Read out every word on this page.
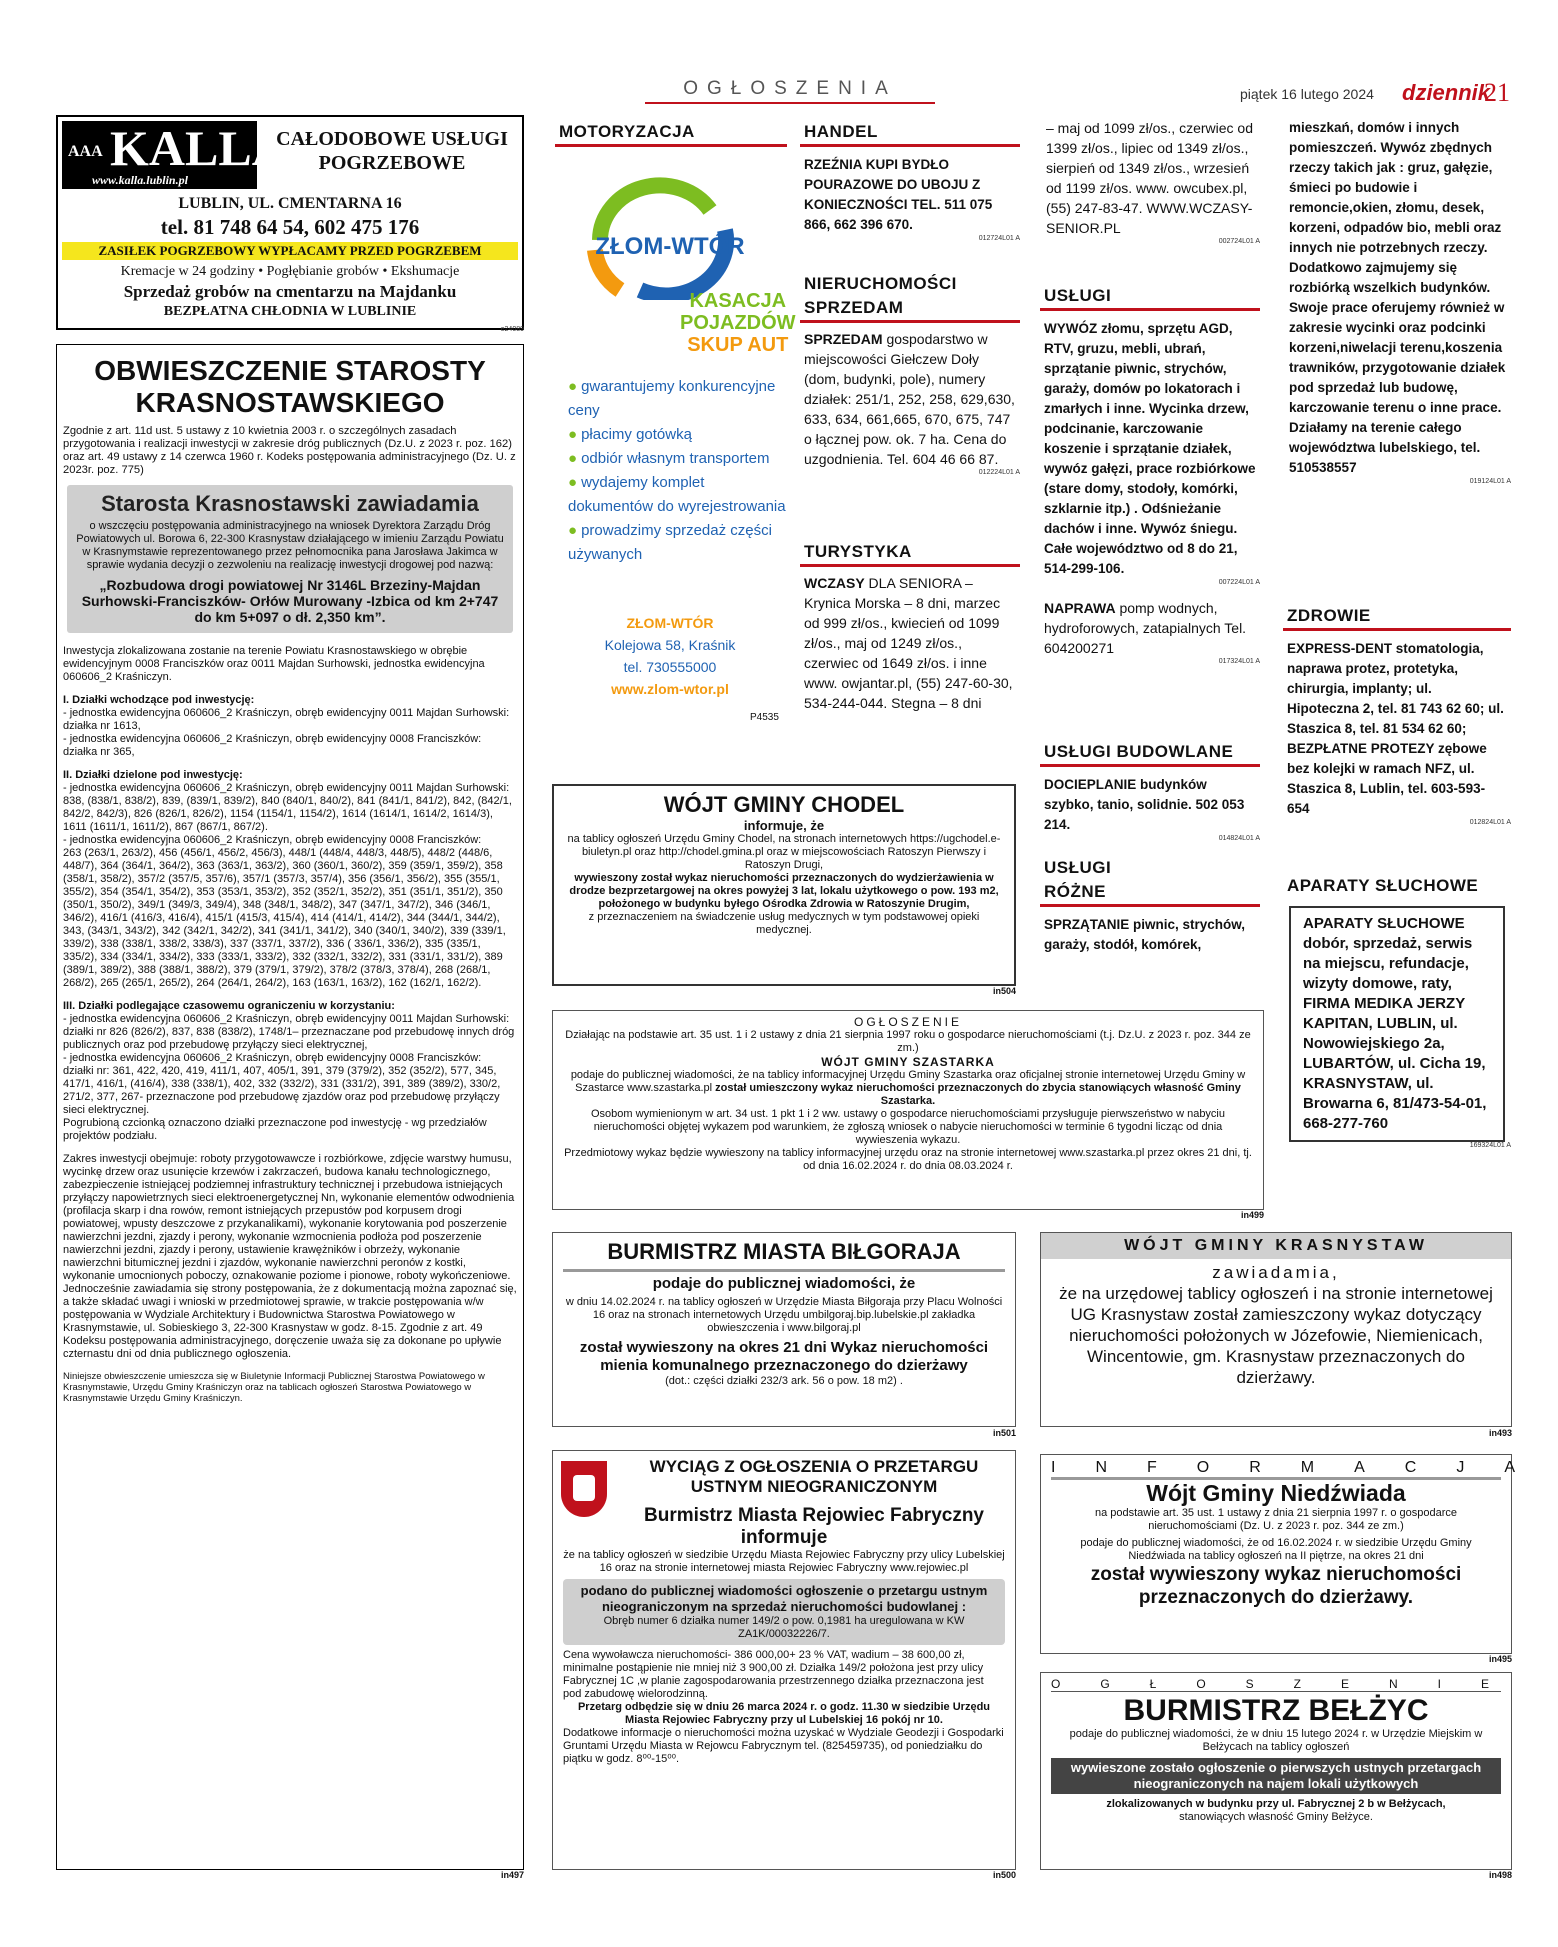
OGŁOSZENIA	piątek 16 lutego 2024 dziennik
21
AAA KALLA
www.kalla.lublin.pl
CAŁODOBOWE USŁUGI
POGRZEBOWE
LUBLIN, UL. CMENTARNA 16
tel. 81 748 64 54, 602 475 176
ZASIŁEK POGRZEBOWY WYPŁACAMY PRZED POGRZEBEM
Kremacje w 24 godziny • Pogłębianie grobów • Ekshumacje
Sprzedaż grobów na cmentarzu na Majdanku
BEZPŁATNA CHŁODNIA W LUBLINIE
e24089
OBWIESZCZENIE STAROSTY
KRASNOSTAWSKIEGO

Zgodnie z art. 11d ust. 5 ustawy z 10 kwietnia 2003 r. o szczególnych zasadach przygotowania i realizacji inwestycji w zakresie dróg publicznych (Dz.U. z 2023 r. poz. 162) oraz art. 49 ustawy z 14 czerwca 1960 r. Kodeks postępowania administracyjnego (Dz. U. z 2023r. poz. 775)

Starosta Krasnostawski zawiadamia

o wszczęciu postępowania administracyjnego na wniosek Dyrektora Zarządu Dróg Powiatowych ul. Borowa 6, 22-300 Krasnystaw działającego w imieniu Zarządu Powiatu w Krasnymstawie reprezentowanego przez pełnomocnika pana Jarosława Jakimca w sprawie wydania decyzji o zezwoleniu na realizację inwestycji drogowej pod nazwą:

„Rozbudowa drogi powiatowej Nr 3146L Brzeziny-Majdan Surhowski-Franciszków- Orłów Murowany -Izbica od km 2+747 do km 5+097 o dł. 2,350 km”.

Inwestycja zlokalizowana zostanie na terenie Powiatu Krasnostawskiego w obrębie ewidencyjnym 0008 Franciszków oraz 0011 Majdan Surhowski, jednostka ewidencyjna 060606_2 Kraśniczyn.

I. Działki wchodzące pod inwestycję:

- jednostka ewidencyjna 060606_2 Kraśniczyn, obręb ewidencyjny 0011 Majdan Surhowski:
działka nr 1613,
- jednostka ewidencyjna 060606_2 Kraśniczyn, obręb ewidencyjny 0008 Franciszków:
działka nr 365,

II. Działki dzielone pod inwestycję:

- jednostka ewidencyjna 060606_2 Kraśniczyn, obręb ewidencyjny 0011 Majdan Surhowski:
838, (838/1, 838/2), 839, (839/1, 839/2), 840 (840/1, 840/2), 841 (841/1, 841/2), 842, (842/1, 842/2, 842/3), 826 (826/1, 826/2), 1154 (1154/1, 1154/2), 1614 (1614/1, 1614/2, 1614/3), 1611 (1611/1, 1611/2), 867 (867/1, 867/2).
- jednostka ewidencyjna 060606_2 Kraśniczyn, obręb ewidencyjny 0008 Franciszków:
263 (263/1, 263/2), 456 (456/1, 456/2, 456/3), 448/1 (448/4, 448/3, 448/5), 448/2 (448/6, 448/7), 364 (364/1, 364/2), 363 (363/1, 363/2), 360 (360/1, 360/2), 359 (359/1, 359/2), 358 (358/1, 358/2), 357/2 (357/5, 357/6), 357/1 (357/3, 357/4), 356 (356/1, 356/2), 355 (355/1, 355/2), 354 (354/1, 354/2), 353 (353/1, 353/2), 352 (352/1, 352/2), 351 (351/1, 351/2), 350 (350/1, 350/2), 349/1 (349/3, 349/4), 348 (348/1, 348/2), 347 (347/1, 347/2), 346 (346/1, 346/2), 416/1 (416/3, 416/4), 415/1 (415/3, 415/4), 414 (414/1, 414/2), 344 (344/1, 344/2), 343, (343/1, 343/2), 342 (342/1, 342/2), 341 (341/1, 341/2), 340 (340/1, 340/2), 339 (339/1, 339/2), 338 (338/1, 338/2, 338/3), 337 (337/1, 337/2), 336 ( 336/1, 336/2), 335 (335/1, 335/2), 334 (334/1, 334/2), 333 (333/1, 333/2), 332 (332/1, 332/2), 331 (331/1, 331/2), 389 (389/1, 389/2), 388 (388/1, 388/2), 379 (379/1, 379/2), 378/2 (378/3, 378/4), 268 (268/1, 268/2), 265 (265/1, 265/2), 264 (264/1, 264/2), 163 (163/1, 163/2), 162 (162/1, 162/2).

III. Działki podlegające czasowemu ograniczeniu w korzystaniu:

- jednostka ewidencyjna 060606_2 Kraśniczyn, obręb ewidencyjny 0011 Majdan Surhowski:
działki nr 826 (826/2), 837, 838 (838/2), 1748/1– przeznaczane pod przebudowę innych dróg publicznych oraz pod przebudowę przyłączy sieci elektrycznej,
- jednostka ewidencyjna 060606_2 Kraśniczyn, obręb ewidencyjny 0008 Franciszków:
działki nr: 361, 422, 420, 419, 411/1, 407, 405/1, 391, 379 (379/2), 352 (352/2), 577, 345, 417/1, 416/1, (416/4), 338 (338/1), 402, 332 (332/2), 331 (331/2), 391, 389 (389/2), 330/2, 271/2, 377, 267- przeznaczone pod przebudowę zjazdów oraz pod przebudowę przyłączy sieci elektrycznej.
Pogrubioną czcionką oznaczono działki przeznaczone pod inwestycję - wg przedziałów projektów podziału.

Zakres inwestycji obejmuje: roboty przygotowawcze i rozbiórkowe, zdjęcie warstwy humusu, wycinkę drzew oraz usunięcie krzewów i zakrzaczeń, budowa kanału technologicznego, zabezpieczenie istniejącej podziemnej infrastruktury technicznej i przebudowa istniejących przyłączy napowietrznych sieci elektroenergetycznej Nn, wykonanie elementów odwodnienia (profilacja skarp i dna rowów, remont istniejących przepustów pod korpusem drogi powiatowej, wpusty deszczowe z przykanalikami), wykonanie korytowania pod poszerzenie nawierzchni jezdni, zjazdy i perony, wykonanie wzmocnienia podłoża pod poszerzenie nawierzchni jezdni, zjazdy i perony, ustawienie krawężników i obrzeży, wykonanie nawierzchni bitumicznej jezdni i zjazdów, wykonanie nawierzchni peronów z kostki, wykonanie umocnionych poboczy, oznakowanie poziome i pionowe, roboty wykończeniowe.
Jednocześnie zawiadamia się strony postępowania, że z dokumentacją można zapoznać się, a także składać uwagi i wnioski w przedmiotowej sprawie, w trakcie postępowania w/w postępowania w Wydziale Architektury i Budownictwa Starostwa Powiatowego w Krasnymstawie, ul. Sobieskiego 3, 22-300 Krasnystaw w godz. 8-15. Zgodnie z art. 49 Kodeksu postępowania administracyjnego, doręczenie uważa się za dokonane po upływie czternastu dni od dnia publicznego ogłoszenia.

Niniejsze obwieszczenie umieszcza się w Biuletynie Informacji Publicznej Starostwa Powiatowego w Krasnymstawie, Urzędu Gminy Kraśniczyn oraz na tablicach ogłoszeń Starostwa Powiatowego w Krasnymstawie Urzędu Gminy Kraśniczyn.

in497
MOTORYZACJA
ZŁOM-WTÓR
KASACJA
POJAZDÓW
SKUP AUT
● gwarantujemy konkurencyjne ceny
● płacimy gotówką
● odbiór własnym transportem
● wydajemy komplet dokumentów do wyrejestrowania
● prowadzimy sprzedaż części używanych
ZŁOM-WTÓR
Kolejowa 58, Kraśnik
tel. 730555000
www.zlom-wtor.pl
P4535
HANDEL

RZEŹNIA KUPI BYDŁO POURAZOWE DO UBOJU Z KONIECZNOŚCI TEL. 511 075 866, 662 396 670.

012724L01 A
NIERUCHOMOŚCI
SPRZEDAM

SPRZEDAM gospodarstwo w miejscowości Giełczew Doły (dom, budynki, pole), numery działek: 251/1, 252, 258, 629,630, 633, 634, 661,665, 670, 675, 747 o łącznej pow. ok. 7 ha. Cena do uzgodnienia. Tel. 604 46 66 87.

012224L01 A
TURYSTYKA

WCZASY DLA SENIORA – Krynica Morska – 8 dni, marzec od 999 zł/os., kwiecień od 1099 zł/os., maj od 1249 zł/os., czerwiec od 1649 zł/os. i inne www. owjantar.pl, (55) 247-60-30, 534-244-044. Stegna – 8 dni

– maj od 1099 zł/os., czerwiec od 1399 zł/os., lipiec od 1349 zł/os., sierpień od 1349 zł/os., wrzesień od 1199 zł/os. www. owcubex.pl, (55) 247-83-47. WWW.WCZASY-SENIOR.PL

002724L01 A
USŁUGI

WYWÓZ złomu, sprzętu AGD, RTV, gruzu, mebli, ubrań, sprzątanie piwnic, strychów, garaży, domów po lokatorach i zmarłych i inne. Wycinka drzew, podcinanie, karczowanie koszenie i sprzątanie działek, wywóz gałęzi, prace rozbiórkowe (stare domy, stodoły, komórki, szklarnie itp.) . Odśnieżanie dachów i inne. Wywóz śniegu. Całe województwo od 8 do 21, 514-299-106.

007224L01 A

NAPRAWA pomp wodnych, hydroforowych, zatapialnych Tel. 604200271

017324L01 A
USŁUGI BUDOWLANE

DOCIEPLANIE budynków szybko, tanio, solidnie. 502 053 214.

014824L01 A
USŁUGI
RÓŻNE

SPRZĄTANIE piwnic, strychów, garaży, stodół, komórek,

mieszkań, domów i innych pomieszczeń. Wywóz zbędnych rzeczy takich jak : gruz, gałęzie, śmieci po budowie i remoncie,okien, złomu, desek, korzeni, odpadów bio, mebli oraz innych nie potrzebnych rzeczy. Dodatkowo zajmujemy się rozbiórką wszelkich budynków. Swoje prace oferujemy również w zakresie wycinki oraz podcinki korzeni,niwelacji terenu,koszenia trawników, przygotowanie działek pod sprzedaż lub budowę, karczowanie terenu o inne prace. Działamy na terenie całego województwa lubelskiego, tel. 510538557

019124L01 A
ZDROWIE

EXPRESS-DENT stomatologia, naprawa protez, protetyka, chirurgia, implanty; ul. Hipoteczna 2, tel. 81 743 62 60; ul. Staszica 8, tel. 81 534 62 60; BEZPŁATNE PROTEZY zębowe bez kolejki w ramach NFZ, ul. Staszica 8, Lublin, tel. 603-593-654

012824L01 A
APARATY SŁUCHOWE

APARATY SŁUCHOWE dobór, sprzedaż, serwis na miejscu, refundacje, wizyty domowe, raty, FIRMA MEDIKA JERZY KAPITAN, LUBLIN, ul. Nowowiejskiego 2a, LUBARTÓW, ul. Cicha 19, KRASNYSTAW, ul. Browarna 6, 81/473-54-01, 668-277-760

169324L01 A
WÓJT GMINY CHODEL
informuje, że

na tablicy ogłoszeń Urzędu Gminy Chodel, na stronach internetowych https://ugchodel.e-biuletyn.pl oraz http://chodel.gmina.pl oraz w miejscowościach Ratoszyn Pierwszy i Ratoszyn Drugi,

wywieszony został wykaz nieruchomości przeznaczonych do wydzierżawienia w drodze bezprzetargowej na okres powyżej 3 lat, lokalu użytkowego o pow. 193 m2, położonego w budynku byłego Ośrodka Zdrowia w Ratoszynie Drugim,

z przeznaczeniem na świadczenie usług medycznych w tym podstawowej opieki medycznej.

in504
OGŁOSZENIE

Działając na podstawie art. 35 ust. 1 i 2 ustawy z dnia 21 sierpnia 1997 roku o gospodarce nieruchomościami (t.j. Dz.U. z 2023 r. poz. 344 ze zm.)

WÓJT GMINY SZASTARKA

podaje do publicznej wiadomości, że na tablicy informacyjnej Urzędu Gminy Szastarka oraz oficjalnej stronie internetowej Urzędu Gminy w Szastarce www.szastarka.pl został umieszczony wykaz nieruchomości przeznaczonych do zbycia stanowiących własność Gminy Szastarka.

Osobom wymienionym w art. 34 ust. 1 pkt 1 i 2 ww. ustawy o gospodarce nieruchomościami przysługuje pierwszeństwo w nabyciu nieruchomości objętej wykazem pod warunkiem, że zgłoszą wniosek o nabycie nieruchomości w terminie 6 tygodni licząc od dnia wywieszenia wykazu.

Przedmiotowy wykaz będzie wywieszony na tablicy informacyjnej urzędu oraz na stronie internetowej www.szastarka.pl przez okres 21 dni, tj. od dnia 16.02.2024 r. do dnia 08.03.2024 r.

in499
BURMISTRZ MIASTA BIŁGORAJA
podaje do publicznej wiadomości, że

w dniu 14.02.2024 r. na tablicy ogłoszeń w Urzędzie Miasta Biłgoraja przy Placu Wolności 16 oraz na stronach internetowych Urzędu umbilgoraj.bip.lubelskie.pl zakładka obwieszczenia i www.bilgoraj.pl

został wywieszony na okres 21 dni Wykaz nieruchomości mienia komunalnego przeznaczonego do dzierżawy

(dot.: części działki 232/3 ark. 56 o pow. 18 m2) .

in501
WÓJT GMINY KRASNYSTAW
zawiadamia,

że na urzędowej tablicy ogłoszeń i na stronie internetowej UG Krasnystaw został zamieszczony wykaz dotyczący nieruchomości położonych w Józefowie, Niemienicach, Wincentowie, gm. Krasnystaw przeznaczonych do dzierżawy.

in493
WYCIĄG Z OGŁOSZENIA O PRZETARGU
USTNYM NIEOGRANICZONYM
Burmistrz Miasta Rejowiec Fabryczny
informuje

że na tablicy ogłoszeń w siedzibie Urzędu Miasta Rejowiec Fabryczny przy ulicy Lubelskiej 16 oraz na stronie internetowej miasta Rejowiec Fabryczny www.rejowiec.pl

podano do publicznej wiadomości ogłoszenie o przetargu ustnym nieograniczonym na sprzedaż nieruchomości budowlanej :

Obręb numer 6 działka numer 149/2 o pow. 0,1981 ha uregulowana w KW ZA1K/00032226/7.

Cena wywoławcza nieruchomości- 386 000,00+ 23 % VAT, wadium – 38 600,00 zł, minimalne postąpienie nie mniej niż 3 900,00 zł. Działka 149/2 położona jest przy ulicy Fabrycznej 1C ,w planie zagospodarowania przestrzennego działka przeznaczona jest pod zabudowę wielorodzinną.

Przetarg odbędzie się w dniu 26 marca 2024 r. o godz. 11.30 w siedzibie Urzędu Miasta Rejowiec Fabryczny przy ul Lubelskiej 16 pokój nr 10.

Dodatkowe informacje o nieruchomości można uzyskać w Wydziale Geodezji i Gospodarki Gruntami Urzędu Miasta w Rejowcu Fabrycznym tel. (825459735), od poniedziałku do piątku w godz. 8⁰⁰-15⁰⁰.

in500
INFORMACJA
Wójt Gminy Niedźwiada

na podstawie art. 35 ust. 1 ustawy z dnia 21 sierpnia 1997 r. o gospodarce nieruchomościami (Dz. U. z 2023 r. poz. 344 ze zm.)

podaje do publicznej wiadomości, że od 16.02.2024 r. w siedzibie Urzędu Gminy Niedźwiada na tablicy ogłoszeń na II piętrze, na okres 21 dni

został wywieszony wykaz nieruchomości przeznaczonych do dzierżawy.

in495
OGŁOSZENIE
BURMISTRZ BEŁŻYC

podaje do publicznej wiadomości, że w dniu 15 lutego 2024 r. w Urzędzie Miejskim w Bełżycach na tablicy ogłoszeń

wywieszone zostało ogłoszenie o pierwszych ustnych przetargach nieograniczonych na najem lokali użytkowych

zlokalizowanych w budynku przy ul. Fabrycznej 2 b w Bełżycach,

stanowiących własność Gminy Bełżyce.

in498
